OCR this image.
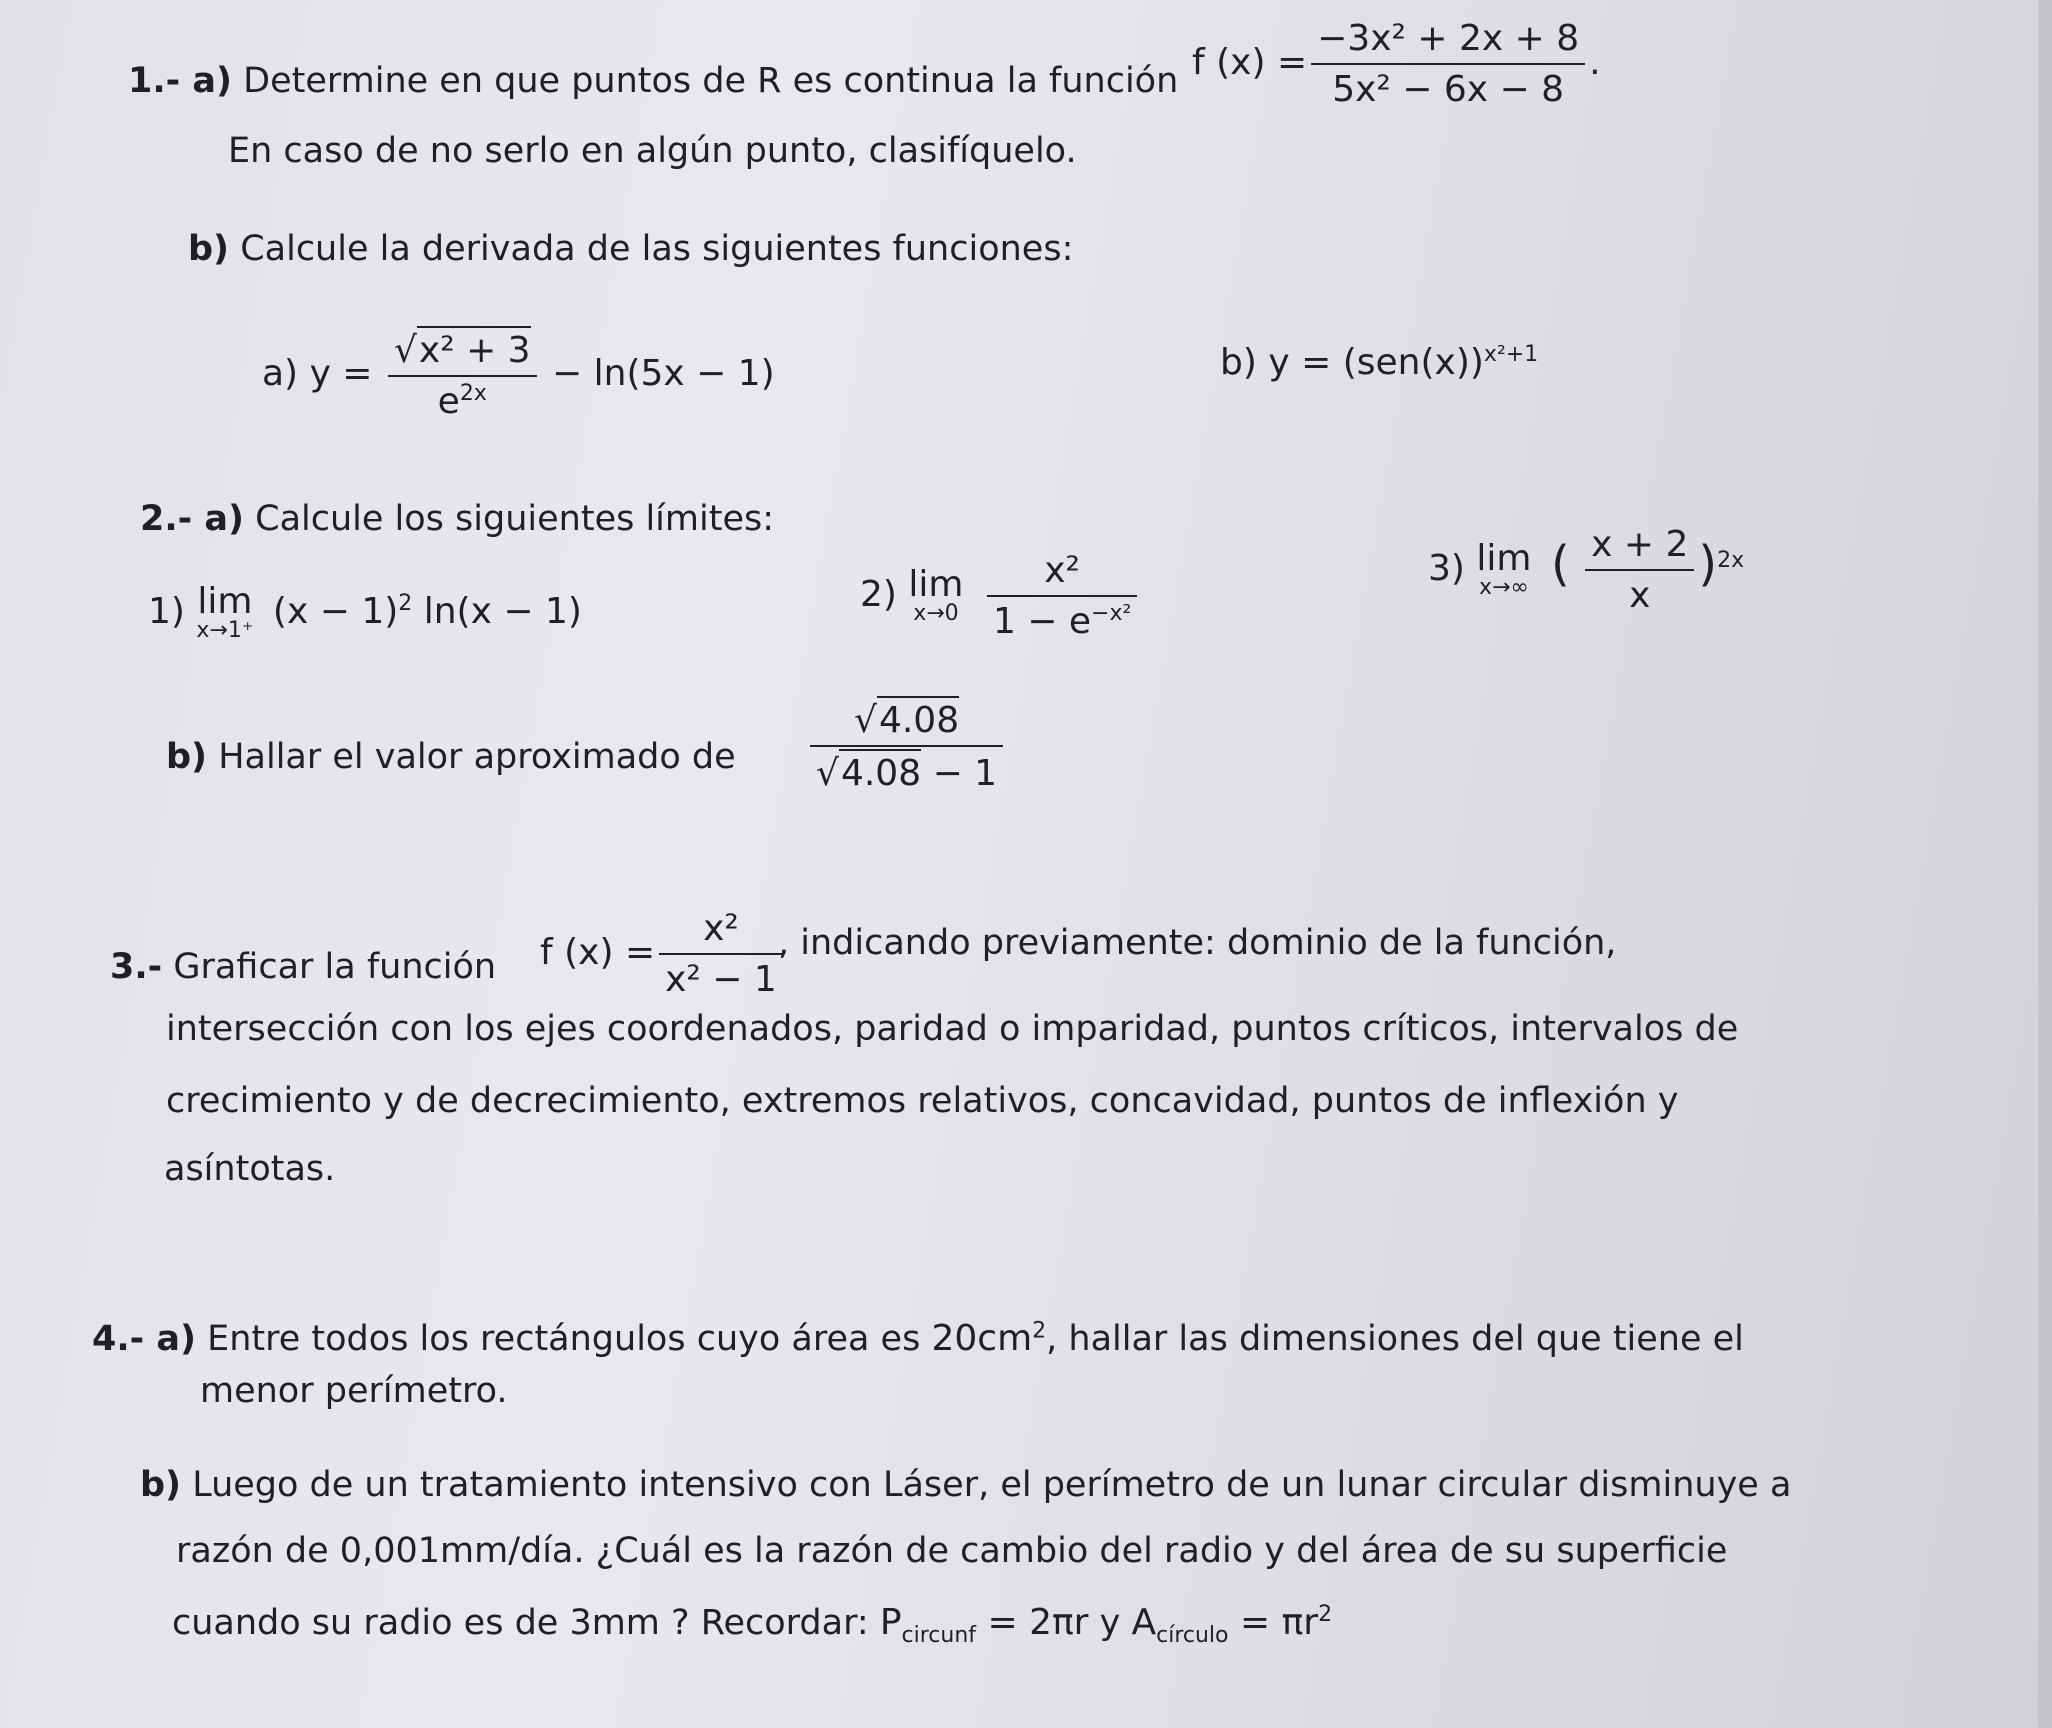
1.- a) Determine en que puntos de R es continua la función f $(x) = \frac{\text{−3x² + 2x + 8}}{\text{5x² − 6x − 8}}$ .
En caso de no serlo en algún punto, clasifíquelo.
b) Calcule la derivada de las siguientes funciones:
a) $y = \frac{\text{√x² + 3}}{e^{2x}} - \ln(5x - 1)$	b) $y = (sen(x))^{x^2+1}$
2.- a) Calcule los siguientes límites:
1) lim
x→1⁺ $(x - 1)^2$ ln(x − 1)	2) lim
x→0
$\frac{\text{x²}}{1 - e^{-x^2}}$	3) lim
x→∞ ( $\frac{x + 2}{x} )^{2x}$
b) Hallar el valor aproximado de $\frac{√4.08}{√4.08 - 1}$
3.- Graficar la función f $(x) = \frac{\text{x²}}{\text{x² − 1}}$
, indicando previamente: dominio de la función,
intersección con los ejes coordenados, paridad o imparidad, puntos críticos, intervalos de
crecimiento y de decrecimiento, extremos relativos, concavidad, puntos de inflexión y
asíntotas.
4.- a) Entre todos los rectángulos cuyo área es $20cm^2$, hallar las dimensiones del que tiene el
menor perímetro.
b) Luego de un tratamiento intensivo con Láser, el perímetro de un lunar circular disminuye a
razón de 0,001mm/día. ¿Cuál es la razón de cambio del radio y del área de su superficie
cuando su radio es de 3mm ? Recordar: $P_{circunf} = 2\pi r$ y $A_{círculo} = \pi r^2$
